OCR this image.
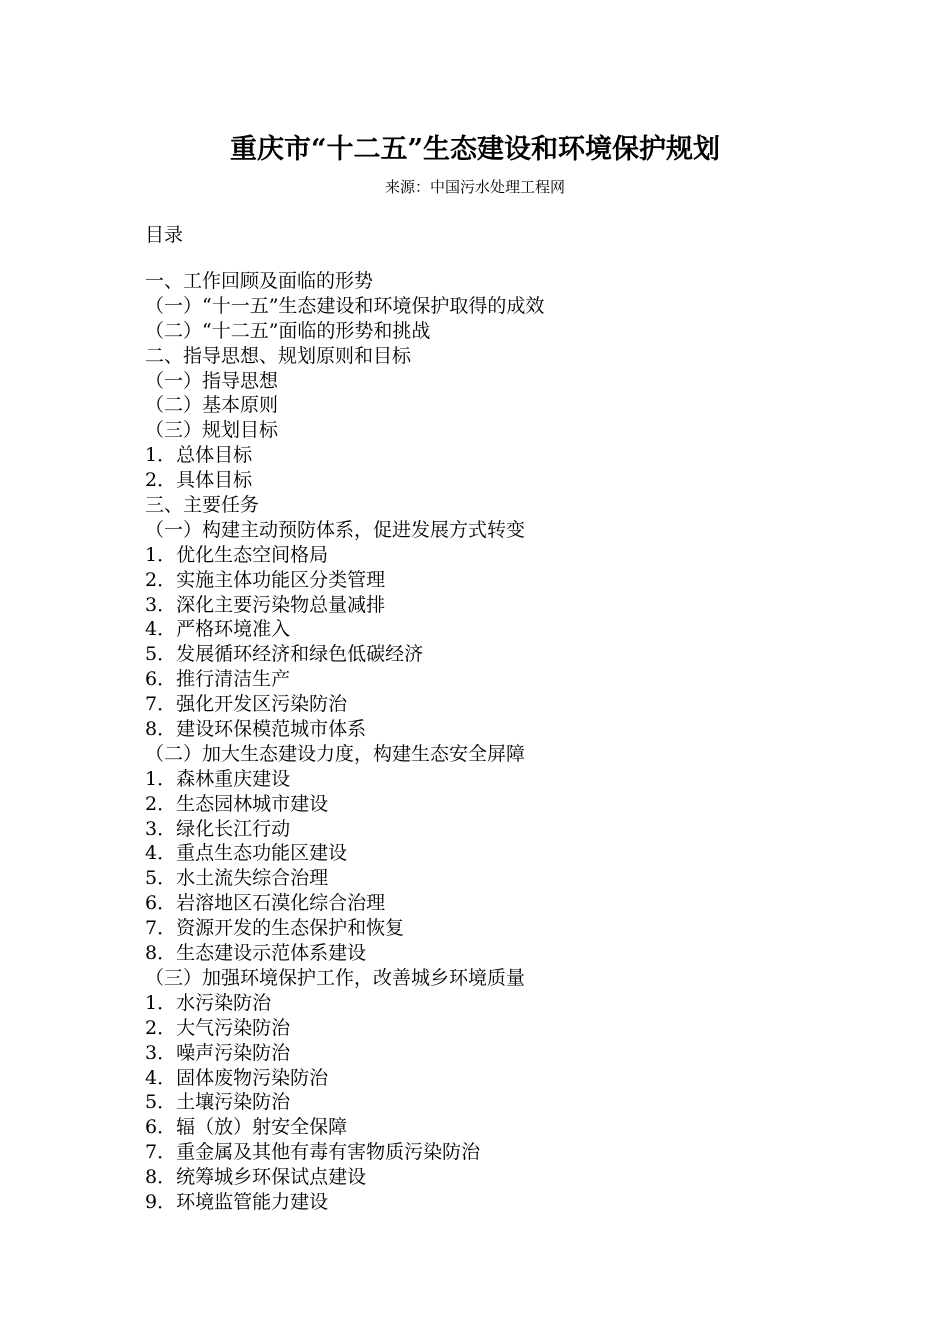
重庆市“十二五”生态建设和环境保护规划
来源：中国污水处理工程网
目录
一、工作回顾及面临的形势
（一）“十一五”生态建设和环境保护取得的成效
（二）“十二五”面临的形势和挑战
二、指导思想、规划原则和目标
（一）指导思想
（二）基本原则
（三）规划目标
1．总体目标
2．具体目标
三、主要任务
（一）构建主动预防体系，促进发展方式转变
1．优化生态空间格局
2．实施主体功能区分类管理
3．深化主要污染物总量减排
4．严格环境准入
5．发展循环经济和绿色低碳经济
6．推行清洁生产
7．强化开发区污染防治
8．建设环保模范城市体系
（二）加大生态建设力度，构建生态安全屏障
1．森林重庆建设
2．生态园林城市建设
3．绿化长江行动
4．重点生态功能区建设
5．水土流失综合治理
6．岩溶地区石漠化综合治理
7．资源开发的生态保护和恢复
8．生态建设示范体系建设
（三）加强环境保护工作，改善城乡环境质量
1．水污染防治
2．大气污染防治
3．噪声污染防治
4．固体废物污染防治
5．土壤污染防治
6．辐（放）射安全保障
7．重金属及其他有毒有害物质污染防治
8．统筹城乡环保试点建设
9．环境监管能力建设
